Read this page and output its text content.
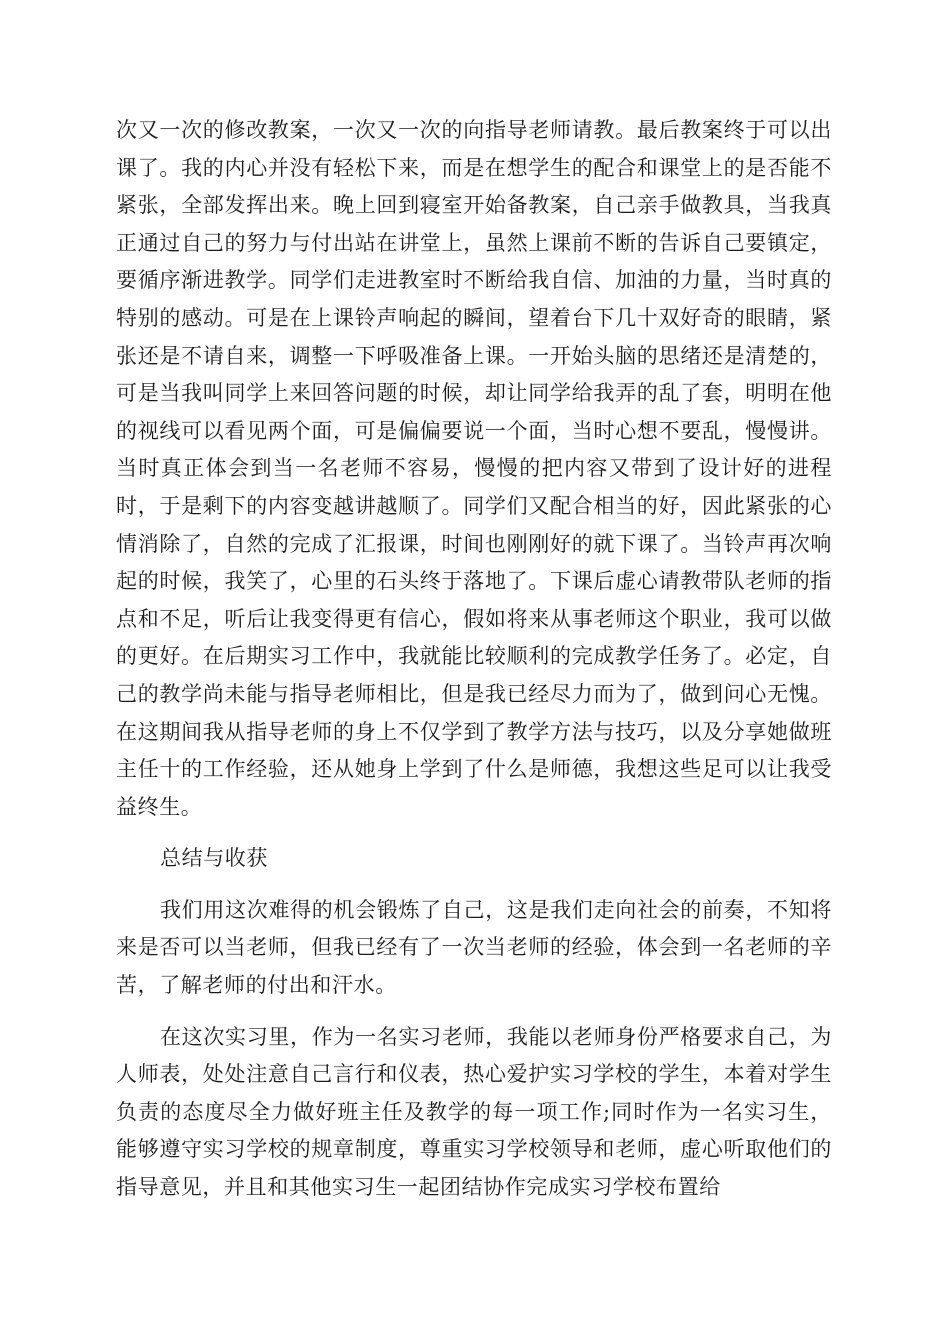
次又一次的修改教案，一次又一次的向指导老师请教。最后教案终于可以出课了。我的内心并没有轻松下来，而是在想学生的配合和课堂上的是否能不紧张，全部发挥出来。晚上回到寝室开始备教案，自己亲手做教具，当我真正通过自己的努力与付出站在讲堂上，虽然上课前不断的告诉自己要镇定，要循序渐进教学。同学们走进教室时不断给我自信、加油的力量，当时真的特别的感动。可是在上课铃声响起的瞬间，望着台下几十双好奇的眼睛，紧张还是不请自来，调整一下呼吸准备上课。一开始头脑的思绪还是清楚的，可是当我叫同学上来回答问题的时候，却让同学给我弄的乱了套，明明在他的视线可以看见两个面，可是偏偏要说一个面，当时心想不要乱，慢慢讲。当时真正体会到当一名老师不容易，慢慢的把内容又带到了设计好的进程时，于是剩下的内容变越讲越顺了。同学们又配合相当的好，因此紧张的心情消除了，自然的完成了汇报课，时间也刚刚好的就下课了。当铃声再次响起的时候，我笑了，心里的石头终于落地了。下课后虚心请教带队老师的指点和不足，听后让我变得更有信心，假如将来从事老师这个职业，我可以做的更好。在后期实习工作中，我就能比较顺利的完成教学任务了。必定，自己的教学尚未能与指导老师相比，但是我已经尽力而为了，做到问心无愧。在这期间我从指导老师的身上不仅学到了教学方法与技巧，以及分享她做班主任十的工作经验，还从她身上学到了什么是师德，我想这些足可以让我受益终生。

总结与收获

我们用这次难得的机会锻炼了自己，这是我们走向社会的前奏，不知将来是否可以当老师，但我已经有了一次当老师的经验，体会到一名老师的辛苦，了解老师的付出和汗水。

在这次实习里，作为一名实习老师，我能以老师身份严格要求自己，为人师表，处处注意自己言行和仪表，热心爱护实习学校的学生，本着对学生负责的态度尽全力做好班主任及教学的每一项工作;同时作为一名实习生，能够遵守实习学校的规章制度，尊重实习学校领导和老师，虚心听取他们的指导意见，并且和其他实习生一起团结协作完成实习学校布置给
